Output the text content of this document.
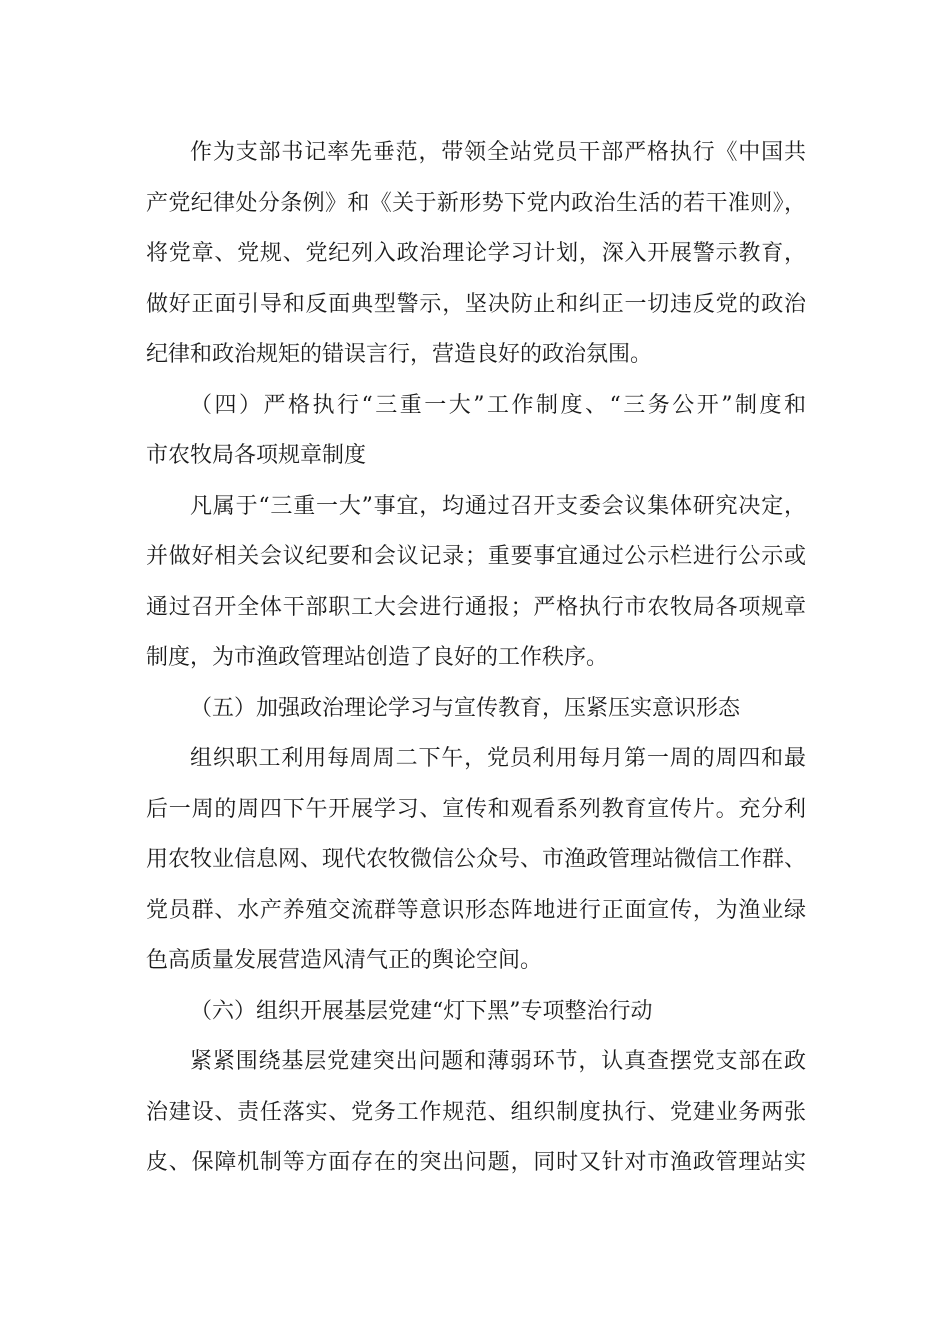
作为支部书记率先垂范，带领全站党员干部严格执行《中国共
产党纪律处分条例》和《关于新形势下党内政治生活的若干准则》，
将党章、党规、党纪列入政治理论学习计划，深入开展警示教育，
做好正面引导和反面典型警示，坚决防止和纠正一切违反党的政治
纪律和政治规矩的错误言行，营造良好的政治氛围。
（四）严格执行“三重一大”工作制度、“三务公开”制度和
市农牧局各项规章制度
凡属于“三重一大”事宜，均通过召开支委会议集体研究决定，
并做好相关会议纪要和会议记录；重要事宜通过公示栏进行公示或
通过召开全体干部职工大会进行通报；严格执行市农牧局各项规章
制度，为市渔政管理站创造了良好的工作秩序。
（五）加强政治理论学习与宣传教育，压紧压实意识形态
组织职工利用每周周二下午，党员利用每月第一周的周四和最
后一周的周四下午开展学习、宣传和观看系列教育宣传片。充分利
用农牧业信息网、现代农牧微信公众号、市渔政管理站微信工作群、
党员群、水产养殖交流群等意识形态阵地进行正面宣传，为渔业绿
色高质量发展营造风清气正的舆论空间。
（六）组织开展基层党建“灯下黑”专项整治行动
紧紧围绕基层党建突出问题和薄弱环节，认真查摆党支部在政
治建设、责任落实、党务工作规范、组织制度执行、党建业务两张
皮、保障机制等方面存在的突出问题，同时又针对市渔政管理站实
